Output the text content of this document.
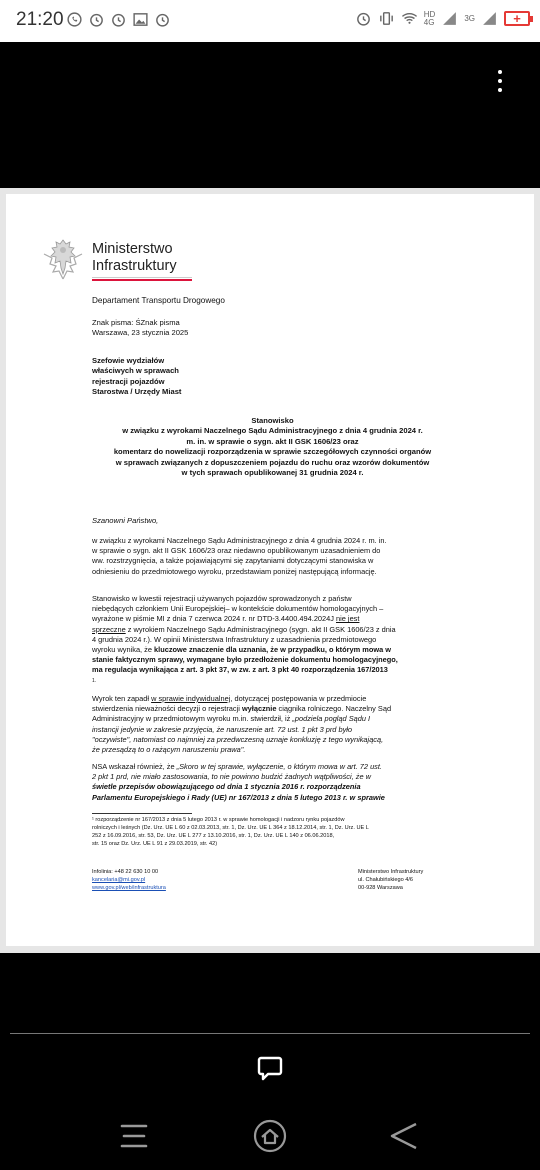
21:20	HD
4G	3G	+
Ministerstwo
Infrastruktury
Departament Transportu Drogowego
Znak pisma: ŚZnak pisma
Warszawa, 23 stycznia 2025
Szefowie wydziałów
właściwych w sprawach
rejestracji pojazdów
Starostwa / Urzędy Miast
Stanowisko
w związku z wyrokami Naczelnego Sądu Administracyjnego z dnia 4 grudnia 2024 r.
m. in. w sprawie o sygn. akt II GSK 1606/23 oraz
komentarz do nowelizacji rozporządzenia w sprawie szczegółowych czynności organów
w sprawach związanych z dopuszczeniem pojazdu do ruchu oraz wzorów dokumentów
w tych sprawach opublikowanej 31 grudnia 2024 r.
Szanowni Państwo,
w związku z wyrokami Naczelnego Sądu Administracyjnego z dnia 4 grudnia 2024 r. m. in.
w sprawie o sygn. akt II GSK 1606/23 oraz niedawno opublikowanym uzasadnieniem do
ww. rozstrzygnięcia, a także pojawiającymi się zapytaniami dotyczącymi stanowiska w
odniesieniu do przedmiotowego wyroku, przedstawiam poniżej następującą informację.
Stanowisko w kwestii rejestracji używanych pojazdów sprowadzonych z państw
niebędących członkiem Unii Europejskiej– w kontekście dokumentów homologacyjnych –
wyrażone w piśmie MI z dnia 7 czerwca 2024 r. nr DTD-3.4400.494.2024J nie jest
sprzeczne z wyrokiem Naczelnego Sądu Administracyjnego (sygn. akt II GSK 1606/23 z dnia
4 grudnia 2024 r.). W opinii Ministerstwa Infrastruktury z uzasadnienia przedmiotowego
wyroku wynika, że kluczowe znaczenie dla uznania, że w przypadku, o którym mowa w
stanie faktycznym sprawy, wymagane było przedłożenie dokumentu homologacyjnego,
ma regulacja wynikająca z art. 3 pkt 37, w zw. z art. 3 pkt 40 rozporządzenia 167/2013
1.
Wyrok ten zapadł w sprawie indywidualnej, dotyczącej postępowania w przedmiocie
stwierdzenia nieważności decyzji o rejestracji wyłącznie ciągnika rolniczego. Naczelny Sąd
Administracyjny w przedmiotowym wyroku m.in. stwierdził, iż „podziela pogląd Sądu I
instancji jedynie w zakresie przyjęcia, że naruszenie art. 72 ust. 1 pkt 3 prd było
"oczywiste", natomiast co najmniej za przedwczesną uznaje konkluzję z tego wynikającą,
że przesądzą to o rażącym naruszeniu prawa".
NSA wskazał również, że „Skoro w tej sprawie, wyłączenie, o którym mowa w art. 72 ust.
2 pkt 1 prd, nie miało zastosowania, to nie powinno budzić żadnych wątpliwości, że w
świetle przepisów obowiązującego od dnia 1 stycznia 2016 r. rozporządzenia
Parlamentu Europejskiego i Rady (UE) nr 167/2013 z dnia 5 lutego 2013 r. w sprawie
¹ rozporządzenie nr 167/2013 z dnia 5 lutego 2013 r. w sprawie homologacji i nadzoru rynku pojazdów
rolniczych i leśnych (Dz. Urz. UE L 60 z 02.03.2013, str. 1, Dz. Urz. UE L 364 z 18.12.2014, str. 1, Dz. Urz. UE L
252 z 16.09.2016, str. 53, Dz. Urz. UE L 277 z 13.10.2016, str. 1, Dz. Urz. UE L 140 z 06.06.2018,
str. 15 oraz Dz. Urz. UE L 91 z 29.03.2019, str. 42)
Infolinia: +48 22 630 10 00
kancelaria@mi.gov.pl
www.gov.pl/web/infrastruktura
Ministerstwo Infrastruktury
ul. Chałubińskiego 4/6
00-928 Warszawa
